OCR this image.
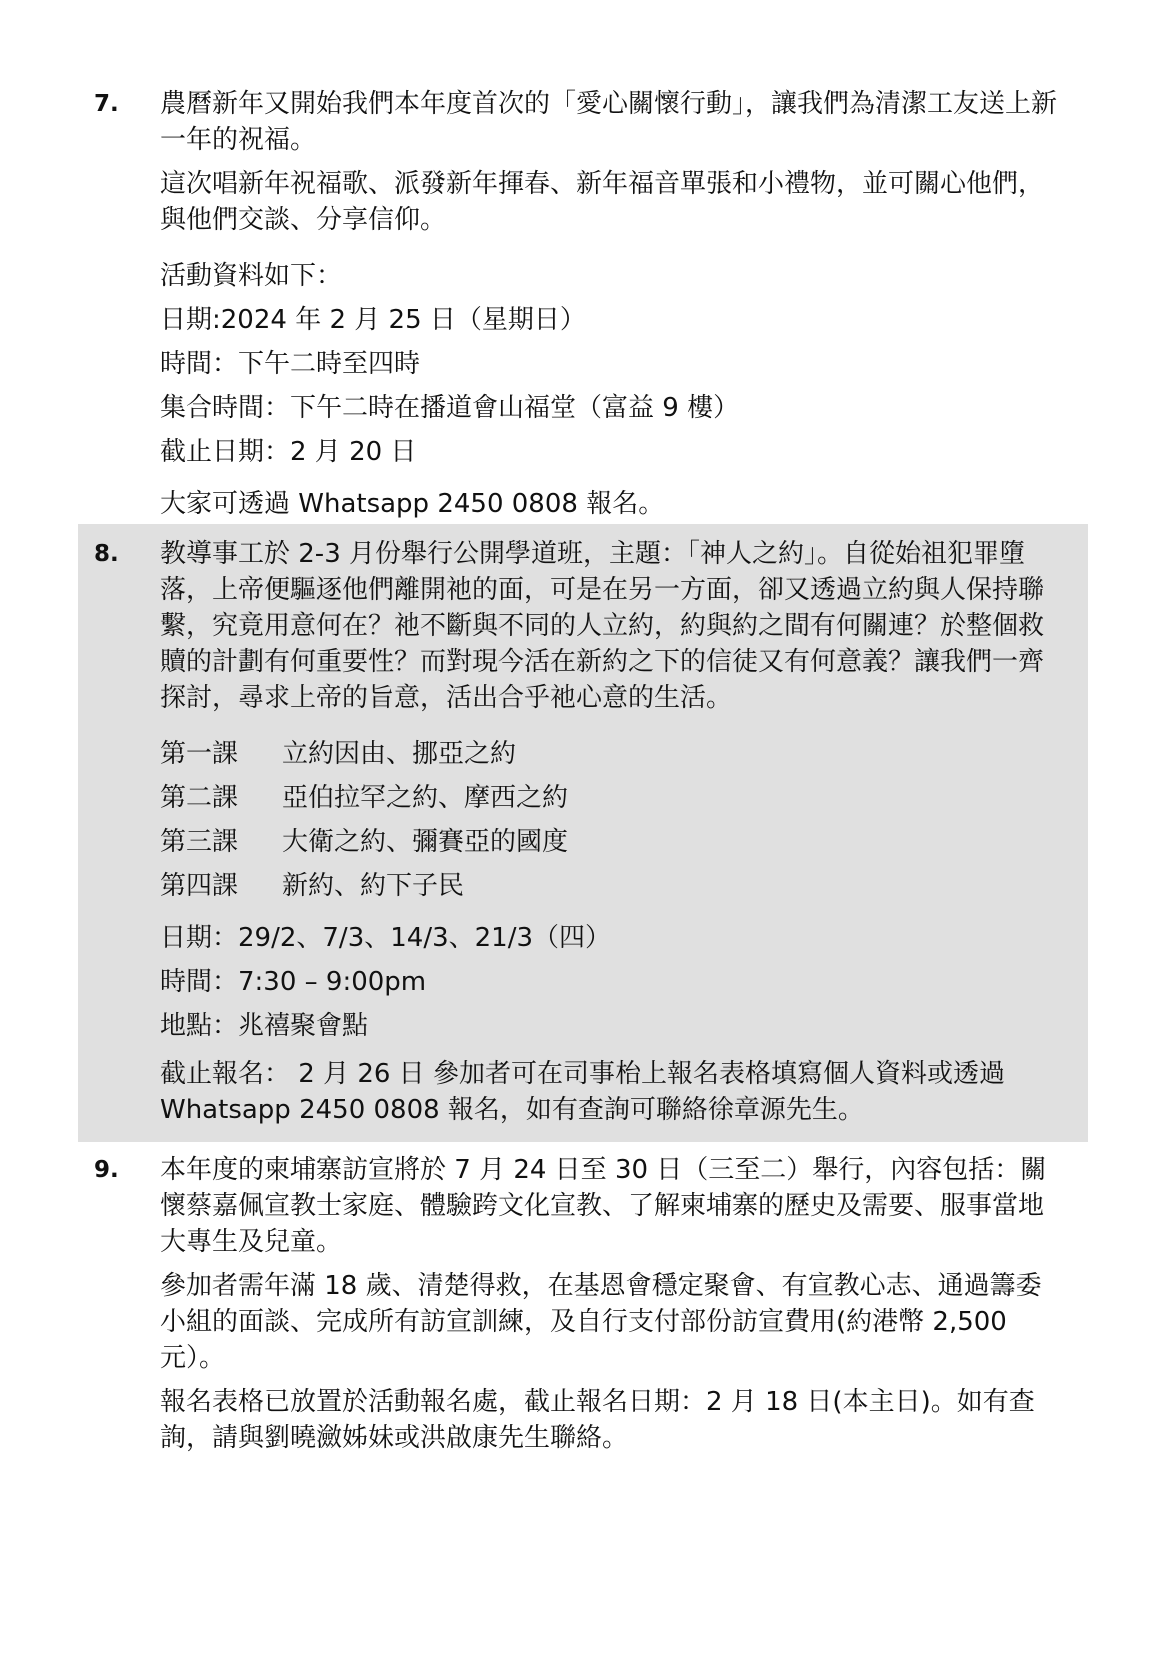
7. 農曆新年又開始我們本年度首次的「愛心關懷行動」，讓我們為清潔工友送上新一年的祝福。

這次唱新年祝福歌、派發新年揮春、新年福音單張和小禮物，並可關心他們，與他們交談、分享信仰。

活動資料如下：
日期:2024 年 2 月 25 日（星期日）
時間：下午二時至四時
集合時間：下午二時在播道會山福堂（富益 9 樓）
截止日期：2 月 20 日
大家可透過 Whatsapp 2450 0808 報名。
8. 教導事工於 2-3 月份舉行公開學道班，主題：「神人之約」。自從始祖犯罪墮落，上帝便驅逐他們離開祂的面，可是在另一方面，卻又透過立約與人保持聯繫，究竟用意何在？祂不斷與不同的人立約，約與約之間有何關連？於整個救贖的計劃有何重要性？而對現今活在新約之下的信徒又有何意義？讓我們一齊探討，尋求上帝的旨意，活出合乎祂心意的生活。

第一課 立約因由、挪亞之約
第二課 亞伯拉罕之約、摩西之約
第三課 大衛之約、彌賽亞的國度
第四課 新約、約下子民
日期：29/2、7/3、14/3、21/3（四）
時間：7:30 – 9:00pm
地點：兆禧聚會點

截止報名： 2 月 26 日 參加者可在司事枱上報名表格填寫個人資料或透過 Whatsapp 2450 0808 報名，如有查詢可聯絡徐章源先生。

9. 本年度的柬埔寨訪宣將於 7 月 24 日至 30 日（三至二）舉行，內容包括：關懷蔡嘉佩宣教士家庭、體驗跨文化宣教、了解柬埔寨的歷史及需要、服事當地大專生及兒童。

參加者需年滿 18 歲、清楚得救，在基恩會穩定聚會、有宣教心志、通過籌委小組的面談、完成所有訪宣訓練，及自行支付部份訪宣費用(約港幣 2,500 元）。

報名表格已放置於活動報名處，截止報名日期：2 月 18 日(本主日)。如有查詢，請與劉曉瀲姊妹或洪啟康先生聯絡。
